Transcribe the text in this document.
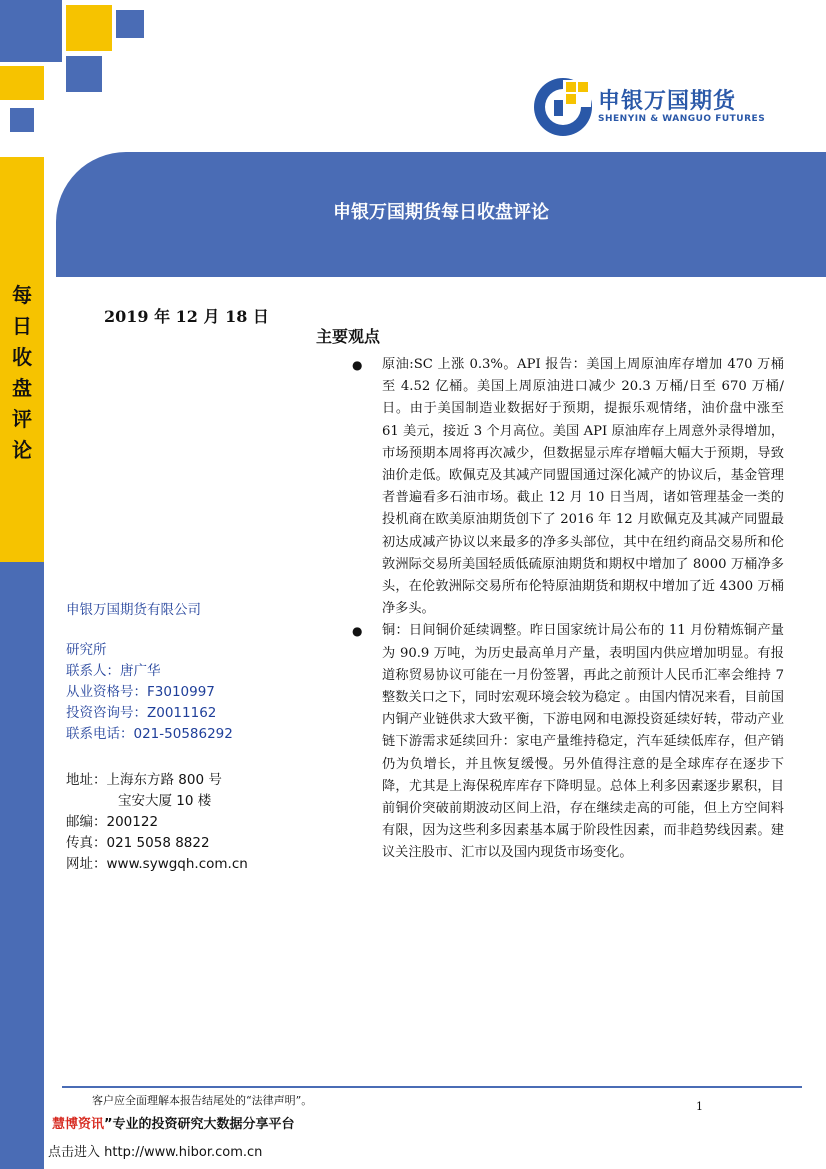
每
日
收
盘
评
论
申银万国期货
SHENYIN & WANGUO FUTURES
申银万国期货每日收盘评论
2019 年 12 月 18 日
主要观点
● 原油:SC 上涨 0.3%。API 报告：美国上周原油库存增加 470 万桶至 4.52 亿桶。美国上周原油进口减少 20.3 万桶/日至 670 万桶/日。由于美国制造业数据好于预期，提振乐观情绪，油价盘中涨至 61 美元，接近 3 个月高位。美国 API 原油库存上周意外录得增加，市场预期本周将再次减少，但数据显示库存增幅大幅大于预期，导致油价走低。欧佩克及其减产同盟国通过深化减产的协议后，基金管理者普遍看多石油市场。截止 12 月 10 日当周，诸如管理基金一类的投机商在欧美原油期货创下了 2016 年 12 月欧佩克及其减产同盟最初达成减产协议以来最多的净多头部位，其中在纽约商品交易所和伦敦洲际交易所美国轻质低硫原油期货和期权中增加了 8000 万桶净多头，在伦敦洲际交易所布伦特原油期货和期权中增加了近 4300 万桶净多头。
● 铜：日间铜价延续调整。昨日国家统计局公布的 11 月份精炼铜产量为 90.9 万吨，为历史最高单月产量，表明国内供应增加明显。有报道称贸易协议可能在一月份签署，再此之前预计人民币汇率会维持 7 整数关口之下，同时宏观环境会较为稳定 。由国内情况来看，目前国内铜产业链供求大致平衡，下游电网和电源投资延续好转，带动产业链下游需求延续回升：家电产量维持稳定，汽车延续低库存，但产销仍为负增长，并且恢复缓慢。另外值得注意的是全球库存在逐步下降，尤其是上海保税库库存下降明显。总体上利多因素逐步累积，目前铜价突破前期波动区间上沿，存在继续走高的可能，但上方空间料有限，因为这些利多因素基本属于阶段性因素，而非趋势线因素。建议关注股市、汇市以及国内现货市场变化。
申银万国期货有限公司
研究所
联系人：唐广华
从业资格号：F3010997
投资咨询号：Z0011162
联系电话：021-50586292
地址：上海东方路 800 号
宝安大厦 10 楼
邮编：200122
传真：021 5058 8822
网址：www.sywgqh.com.cn
客户应全面理解本报告结尾处的“法律声明”。	1
慧博资讯”专业的投资研究大数据分享平台
点击进入 http://www.hibor.com.cn
